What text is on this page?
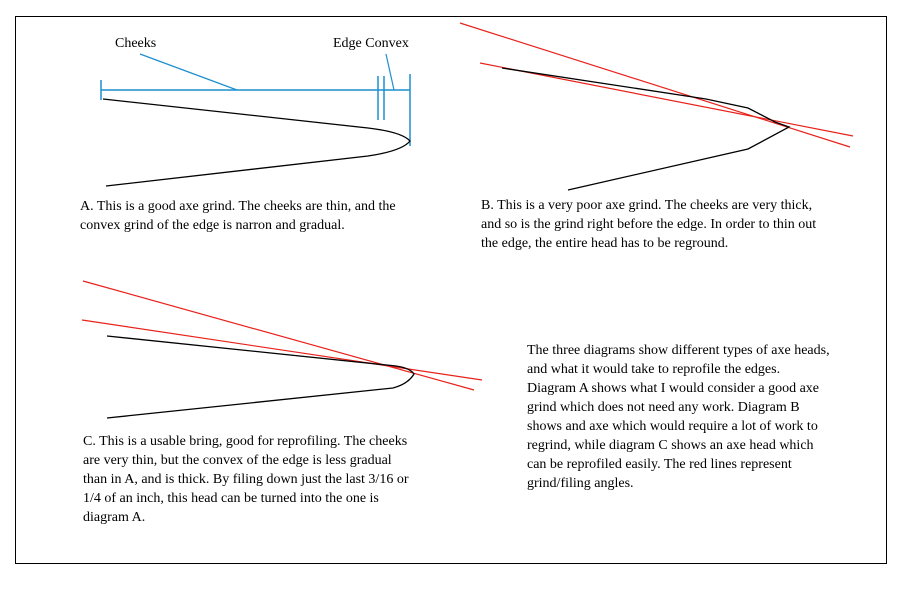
Cheeks	Edge Convex

A. This is a good axe grind. The cheeks are thin, and the

convex grind of the edge is narron and gradual.

B. This is a very poor axe grind. The cheeks are very thick,

and so is the grind right before the edge. In order to thin out

the edge, the entire head has to be reground.

C. This is a usable bring, good for reprofiling. The cheeks

are very thin, but the convex of the edge is less gradual

than in A, and is thick. By filing down just the last 3/16 or

1/4 of an inch, this head can be turned into the one is

diagram A.

The three diagrams show different types of axe heads,

and what it would take to reprofile the edges.

Diagram A shows what I would consider a good axe

grind which does not need any work. Diagram B

shows and axe which would require a lot of work to

regrind, while diagram C shows an axe head which

can be reprofiled easily. The red lines represent

grind/filing angles.
